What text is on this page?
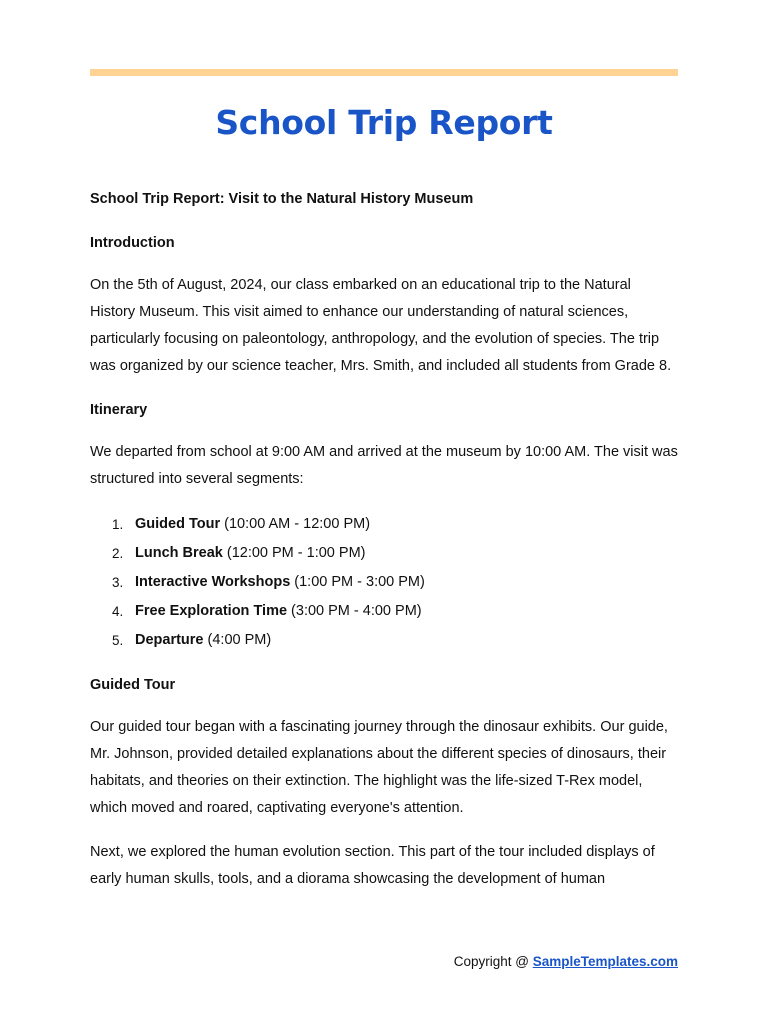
School Trip Report

School Trip Report: Visit to the Natural History Museum

Introduction

On the 5th of August, 2024, our class embarked on an educational trip to the Natural History Museum. This visit aimed to enhance our understanding of natural sciences, particularly focusing on paleontology, anthropology, and the evolution of species. The trip was organized by our science teacher, Mrs. Smith, and included all students from Grade 8.

Itinerary

We departed from school at 9:00 AM and arrived at the museum by 10:00 AM. The visit was structured into several segments:

1. Guided Tour (10:00 AM - 12:00 PM)
2. Lunch Break (12:00 PM - 1:00 PM)
3. Interactive Workshops (1:00 PM - 3:00 PM)
4. Free Exploration Time (3:00 PM - 4:00 PM)
5. Departure (4:00 PM)
Guided Tour

Our guided tour began with a fascinating journey through the dinosaur exhibits. Our guide, Mr. Johnson, provided detailed explanations about the different species of dinosaurs, their habitats, and theories on their extinction. The highlight was the life-sized T-Rex model, which moved and roared, captivating everyone's attention.

Next, we explored the human evolution section. This part of the tour included displays of early human skulls, tools, and a diorama showcasing the development of human

Copyright @ SampleTemplates.com
